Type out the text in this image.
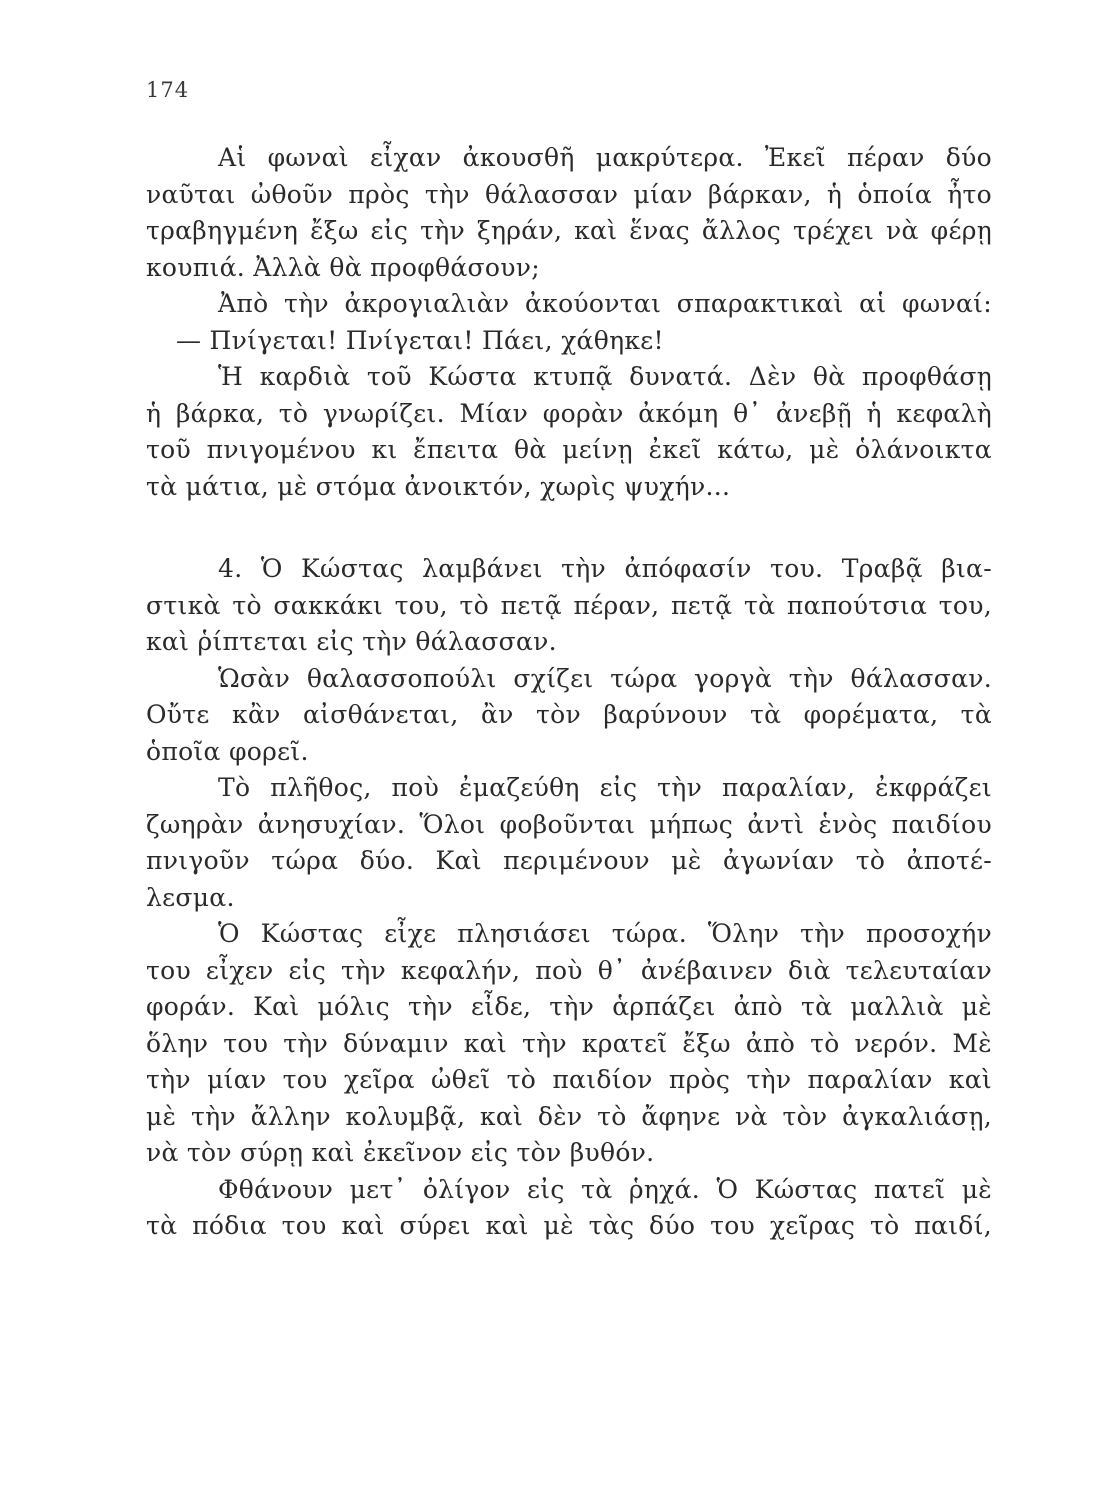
174
Αἱ φωναὶ εἶχαν ἀκουσθῆ μακρύτερα. Ἐκεῖ πέραν δύο
ναῦται ὠθοῦν πρὸς τὴν θάλασσαν μίαν βάρκαν, ἡ ὁποία ἦτο
τραβηγμένη ἔξω εἰς τὴν ξηράν, καὶ ἕνας ἄλλος τρέχει νὰ φέρῃ
κουπιά. Ἀλλὰ θὰ προφθάσουν;
Ἀπὸ τὴν ἀκρογιαλιὰν ἀκούονται σπαρακτικαὶ αἱ φωναί:
— Πνίγεται! Πνίγεται! Πάει, χάθηκε!
Ἡ καρδιὰ τοῦ Κώστα κτυπᾷ δυνατά. Δὲν θὰ προφθάσῃ
ἡ βάρκα, τὸ γνωρίζει. Μίαν φορὰν ἀκόμη θ᾽ ἀνεβῇ ἡ κεφαλὴ
τοῦ πνιγομένου κι ἔπειτα θὰ μείνῃ ἐκεῖ κάτω, μὲ ὁλάνοικτα
τὰ μάτια, μὲ στόμα ἀνοικτόν, χωρὶς ψυχήν...
4. Ὁ Κώστας λαμβάνει τὴν ἀπόφασίν του. Τραβᾷ βια-
στικὰ τὸ σακκάκι του, τὸ πετᾷ πέραν, πετᾷ τὰ παπούτσια του,
καὶ ῥίπτεται εἰς τὴν θάλασσαν.
Ὡσὰν θαλασσοπούλι σχίζει τώρα γοργὰ τὴν θάλασσαν.
Οὔτε κἂν αἰσθάνεται, ἂν τὸν βαρύνουν τὰ φορέματα, τὰ
ὁποῖα φορεῖ.
Τὸ πλῆθος, ποὺ ἐμαζεύθη εἰς τὴν παραλίαν, ἐκφράζει
ζωηρὰν ἀνησυχίαν. Ὅλοι φοβοῦνται μήπως ἀντὶ ἑνὸς παιδίου
πνιγοῦν τώρα δύο. Καὶ περιμένουν μὲ ἀγωνίαν τὸ ἀποτέ-
λεσμα.
Ὁ Κώστας εἶχε πλησιάσει τώρα. Ὅλην τὴν προσοχήν
του εἶχεν εἰς τὴν κεφαλήν, ποὺ θ᾽ ἀνέβαινεν διὰ τελευταίαν
φοράν. Καὶ μόλις τὴν εἶδε, τὴν ἁρπάζει ἀπὸ τὰ μαλλιὰ μὲ
ὅλην του τὴν δύναμιν καὶ τὴν κρατεῖ ἔξω ἀπὸ τὸ νερόν. Μὲ
τὴν μίαν του χεῖρα ὠθεῖ τὸ παιδίον πρὸς τὴν παραλίαν καὶ
μὲ τὴν ἄλλην κολυμβᾷ, καὶ δὲν τὸ ἄφηνε νὰ τὸν ἀγκαλιάσῃ,
νὰ τὸν σύρῃ καὶ ἐκεῖνον εἰς τὸν βυθόν.
Φθάνουν μετ᾽ ὀλίγον εἰς τὰ ῥηχά. Ὁ Κώστας πατεῖ μὲ
τὰ πόδια του καὶ σύρει καὶ μὲ τὰς δύο του χεῖρας τὸ παιδί,
